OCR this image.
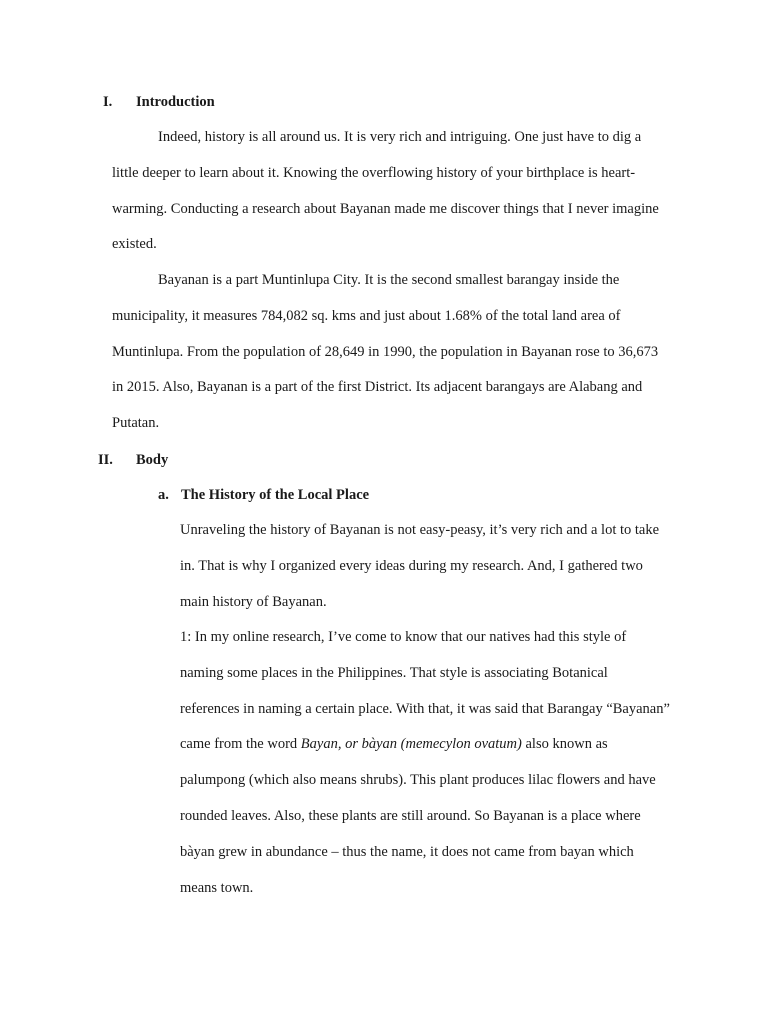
I. Introduction

Indeed, history is all around us. It is very rich and intriguing. One just have to dig a little deeper to learn about it. Knowing the overflowing history of your birthplace is heart-warming. Conducting a research about Bayanan made me discover things that I never imagine existed.

Bayanan is a part Muntinlupa City. It is the second smallest barangay inside the municipality, it measures 784,082 sq. kms and just about 1.68% of the total land area of Muntinlupa. From the population of 28,649 in 1990, the population in Bayanan rose to 36,673 in 2015. Also, Bayanan is a part of the first District. Its adjacent barangays are Alabang and Putatan.

II. Body
a. The History of the Local Place

Unraveling the history of Bayanan is not easy-peasy, it’s very rich and a lot to take in. That is why I organized every ideas during my research. And, I gathered two main history of Bayanan.

1: In my online research, I’ve come to know that our natives had this style of naming some places in the Philippines. That style is associating Botanical references in naming a certain place. With that, it was said that Barangay “Bayanan” came from the word Bayan, or bàyan (memecylon ovatum) also known as palumpong (which also means shrubs). This plant produces lilac flowers and have rounded leaves. Also, these plants are still around. So Bayanan is a place where bàyan grew in abundance – thus the name, it does not came from bayan which means town.
